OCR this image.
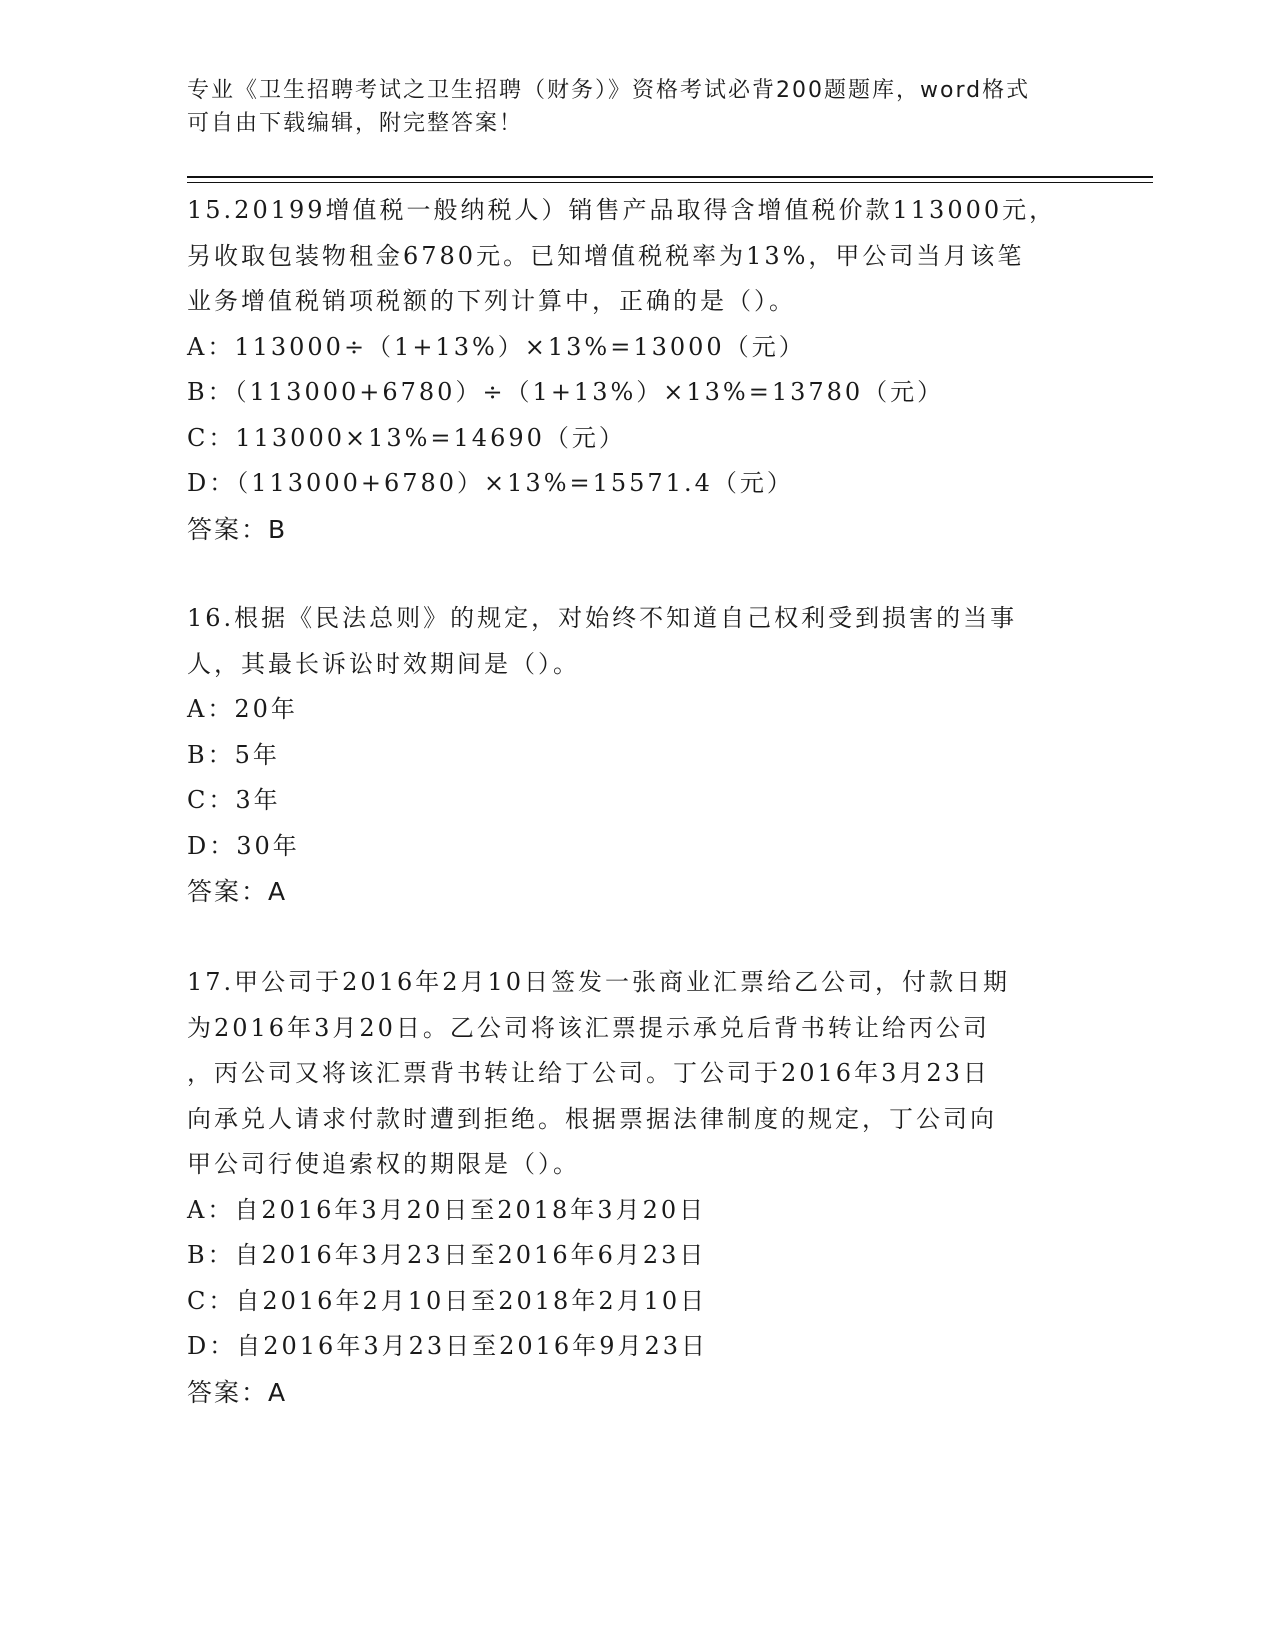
专业《卫生招聘考试之卫生招聘（财务）》资格考试必背200题题库，word格式
可自由下载编辑，附完整答案！
15.20199增值税一般纳税人）销售产品取得含增值税价款113000元，
另收取包装物租金6780元。已知增值税税率为13%，甲公司当月该笔
业务增值税销项税额的下列计算中，正确的是（）。
A：113000÷（1+13%）×13%=13000（元）
B：（113000+6780）÷（1+13%）×13%=13780（元）
C：113000×13%=14690（元）
D：（113000+6780）×13%=15571.4（元）
答案：B
16.根据《民法总则》的规定，对始终不知道自己权利受到损害的当事
人，其最长诉讼时效期间是（）。
A：20年
B：5年
C：3年
D：30年
答案：A
17.甲公司于2016年2月10日签发一张商业汇票给乙公司，付款日期
为2016年3月20日。乙公司将该汇票提示承兑后背书转让给丙公司
，丙公司又将该汇票背书转让给丁公司。丁公司于2016年3月23日
向承兑人请求付款时遭到拒绝。根据票据法律制度的规定，丁公司向
甲公司行使追索权的期限是（）。
A：自2016年3月20日至2018年3月20日
B：自2016年3月23日至2016年6月23日
C：自2016年2月10日至2018年2月10日
D：自2016年3月23日至2016年9月23日
答案：A
